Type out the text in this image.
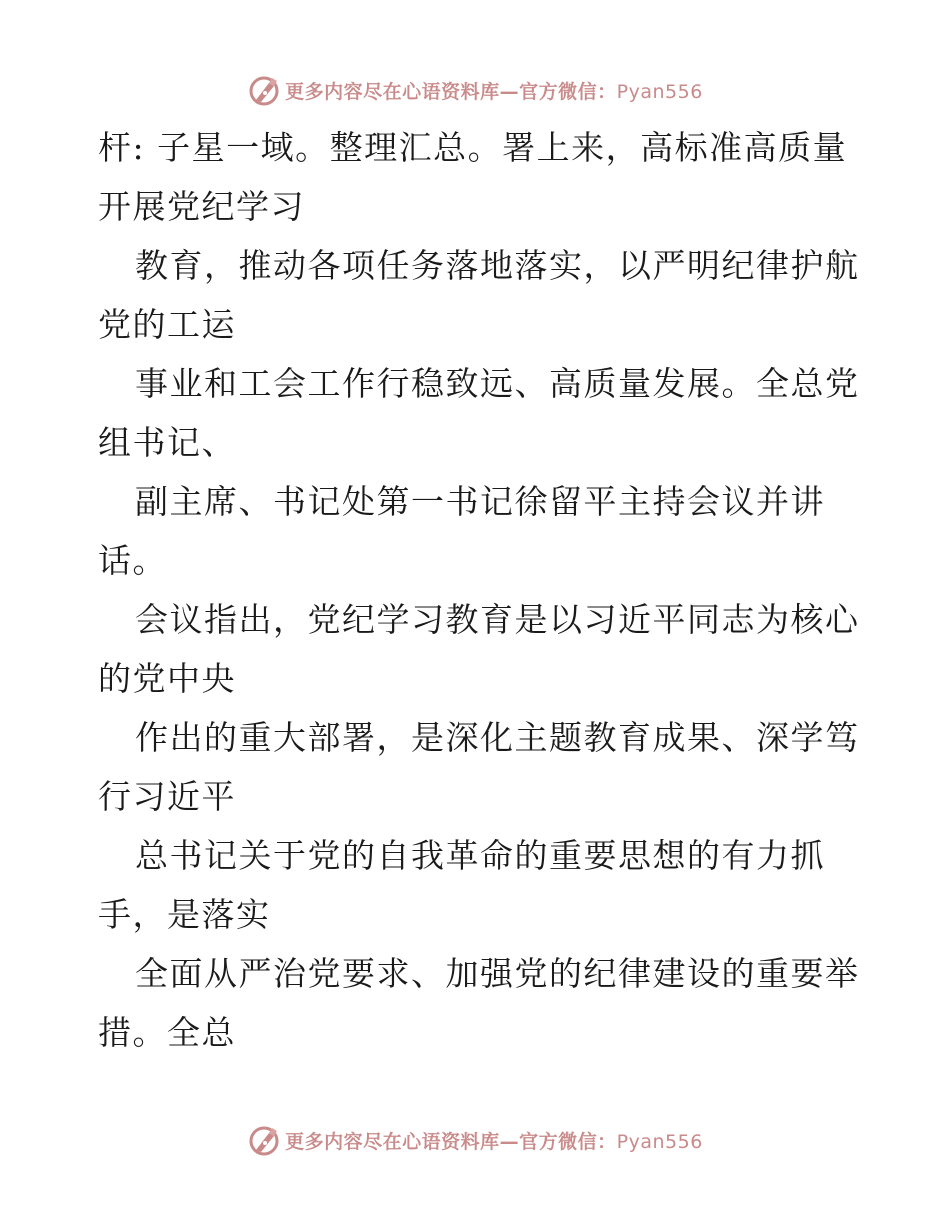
更多内容尽在心语资料库—官方微信：Pyan556
杆: 子星一域。整理汇总。署上来，高标准高质量
开展党纪学习
教育，推动各项任务落地落实，以严明纪律护航
党的工运
事业和工会工作行稳致远、高质量发展。全总党
组书记、
副主席、书记处第一书记徐留平主持会议并讲
话。
会议指出，党纪学习教育是以习近平同志为核心
的党中央
作出的重大部署，是深化主题教育成果、深学笃
行习近平
总书记关于党的自我革命的重要思想的有力抓
手，是落实
全面从严治党要求、加强党的纪律建设的重要举
措。全总
更多内容尽在心语资料库—官方微信：Pyan556
